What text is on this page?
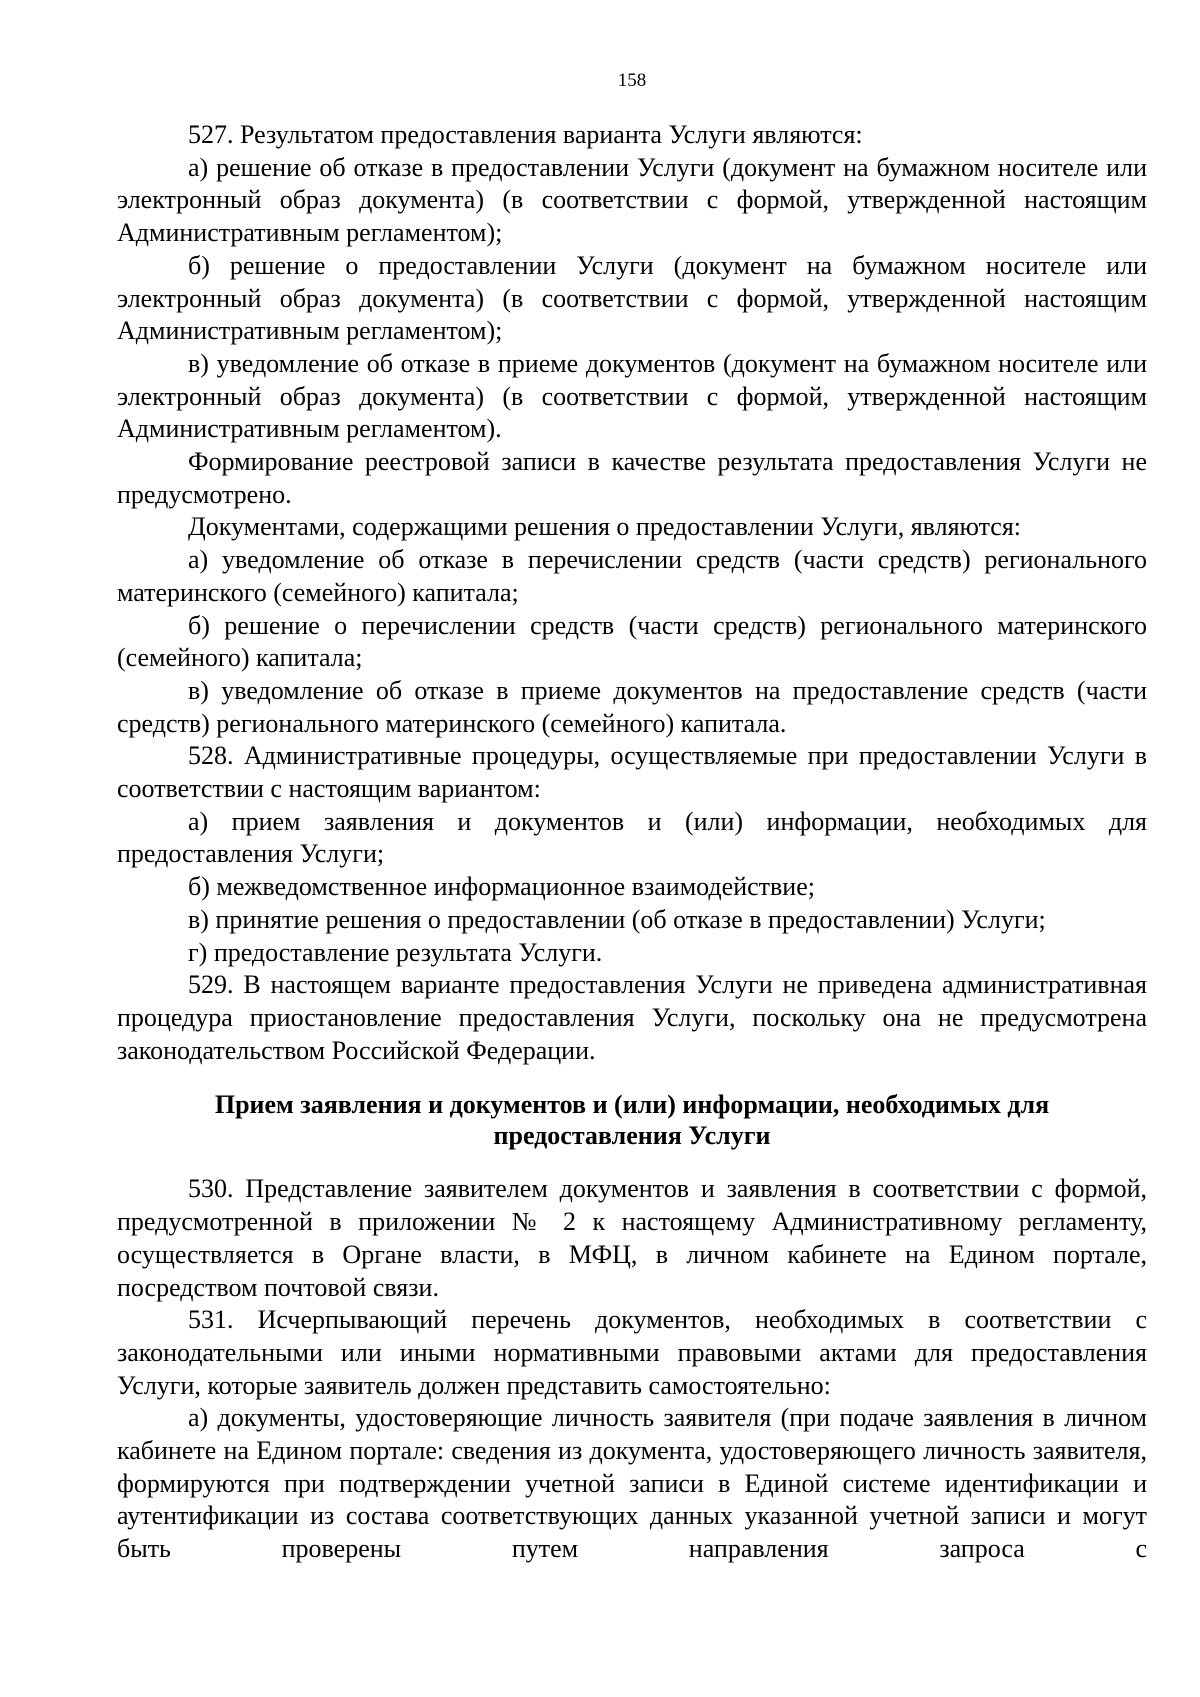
158

527. Результатом предоставления варианта Услуги являются:

а) решение об отказе в предоставлении Услуги (документ на бумажном носителе или электронный образ документа) (в соответствии с формой, утвержденной настоящим Административным регламентом);

б) решение о предоставлении Услуги (документ на бумажном носителе или электронный образ документа) (в соответствии с формой, утвержденной настоящим Административным регламентом);

в) уведомление об отказе в приеме документов (документ на бумажном носителе или электронный образ документа) (в соответствии с формой, утвержденной настоящим Административным регламентом).

Формирование реестровой записи в качестве результата предоставления Услуги не предусмотрено.

Документами, содержащими решения о предоставлении Услуги, являются:

а) уведомление об отказе в перечислении средств (части средств) регионального материнского (семейного) капитала;

б) решение о перечислении средств (части средств) регионального материнского (семейного) капитала;

в) уведомление об отказе в приеме документов на предоставление средств (части средств) регионального материнского (семейного) капитала.

528. Административные процедуры, осуществляемые при предоставлении Услуги в соответствии с настоящим вариантом:

а) прием заявления и документов и (или) информации, необходимых для предоставления Услуги;

б) межведомственное информационное взаимодействие;

в) принятие решения о предоставлении (об отказе в предоставлении) Услуги;

г) предоставление результата Услуги.

529. В настоящем варианте предоставления Услуги не приведена административная процедура приостановление предоставления Услуги, поскольку она не предусмотрена законодательством Российской Федерации.

Прием заявления и документов и (или) информации, необходимых для
предоставления Услуги

530. Представление заявителем документов и заявления в соответствии с формой, предусмотренной в приложении № 2 к настоящему Административному регламенту, осуществляется в Органе власти, в МФЦ, в личном кабинете на Едином портале, посредством почтовой связи.

531. Исчерпывающий перечень документов, необходимых в соответствии с законодательными или иными нормативными правовыми актами для предоставления Услуги, которые заявитель должен представить самостоятельно:

а) документы, удостоверяющие личность заявителя (при подаче заявления в личном кабинете на Едином портале: сведения из документа, удостоверяющего личность заявителя, формируются при подтверждении учетной записи в Единой системе идентификации и аутентификации из состава соответствующих данных указанной учетной записи и могут быть проверены путем направления запроса с
